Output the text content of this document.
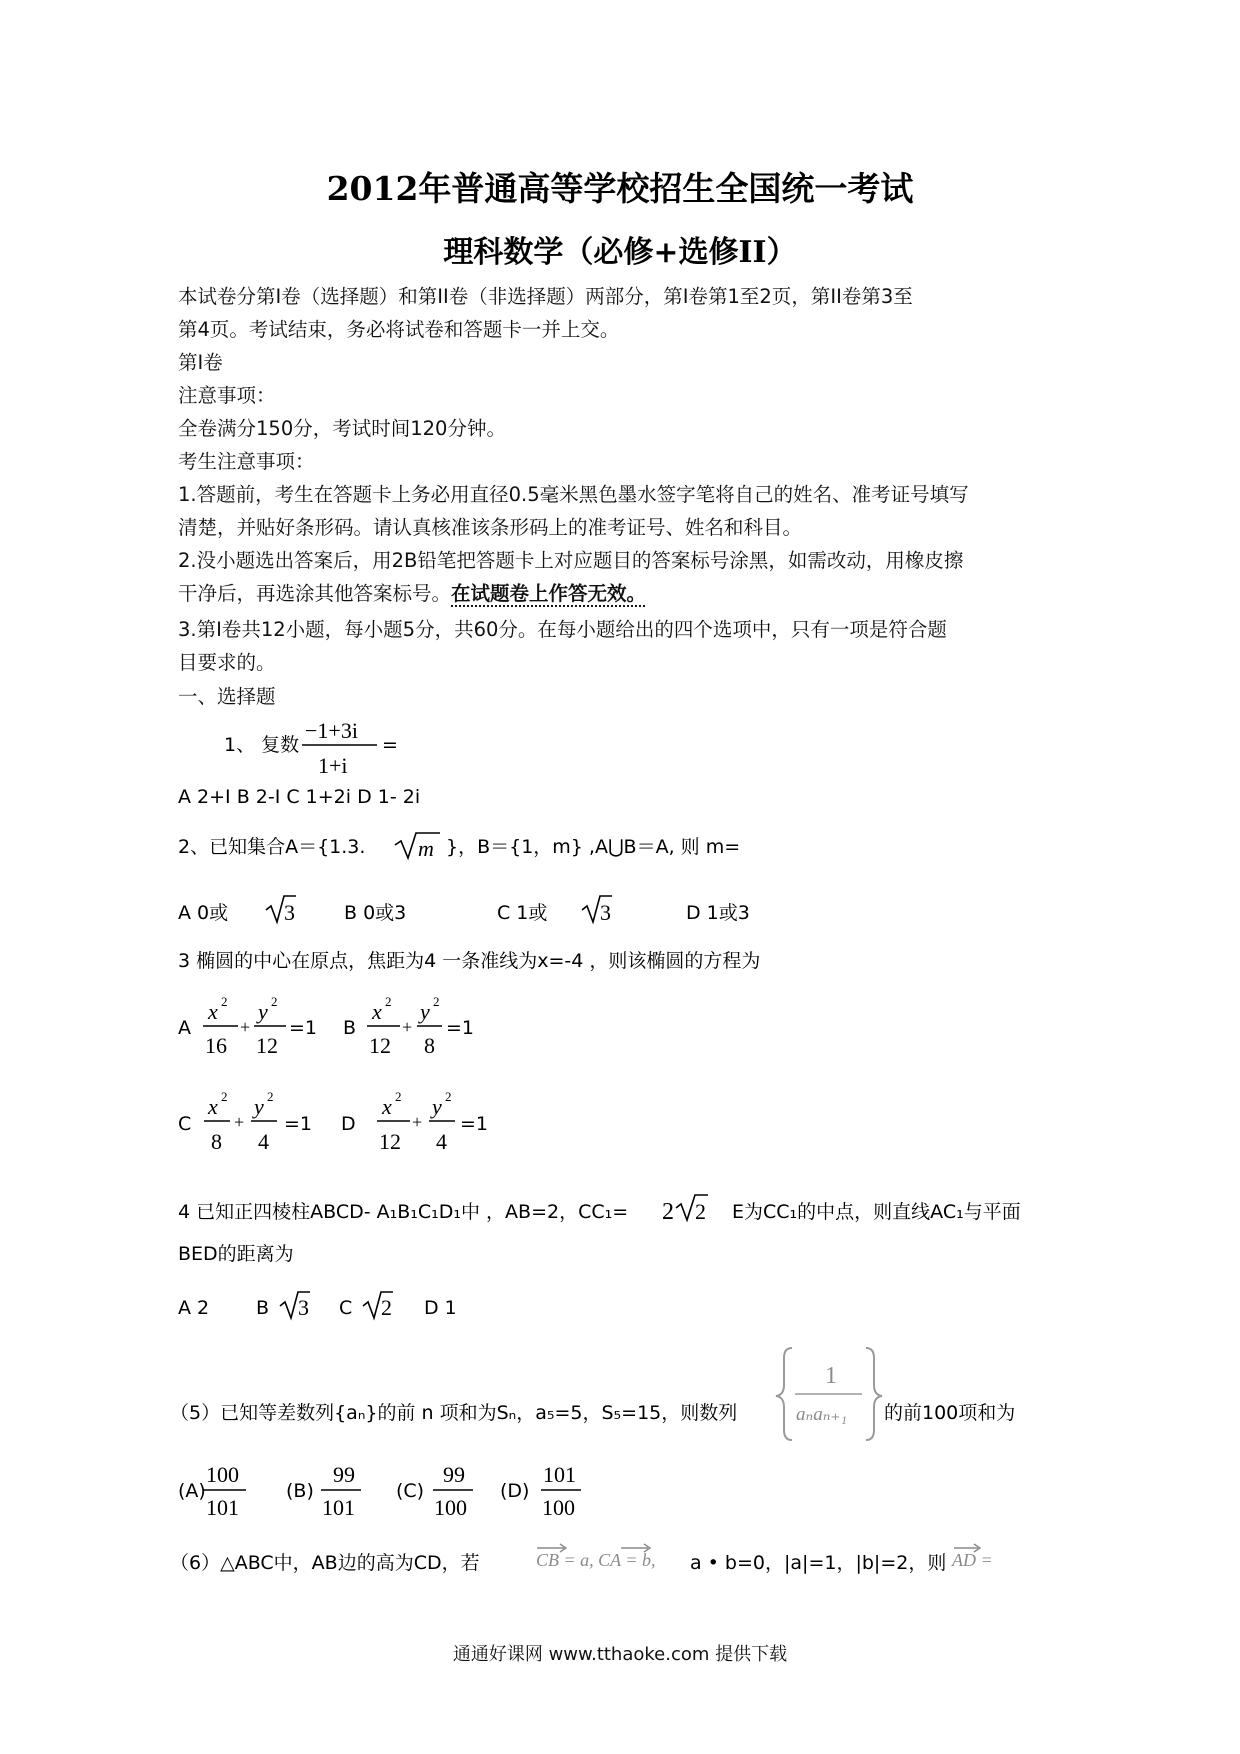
2012年普通高等学校招生全国统一考试
理科数学（必修+选修II）
本试卷分第I卷（选择题）和第II卷（非选择题）两部分，第I卷第1至2页，第II卷第3至
第4页。考试结束，务必将试卷和答题卡一并上交。
第I卷
注意事项：
全卷满分150分，考试时间120分钟。
考生注意事项：
1.答题前，考生在答题卡上务必用直径0.5毫米黑色墨水签字笔将自己的姓名、准考证号填写
清楚，并贴好条形码。请认真核准该条形码上的准考证号、姓名和科目。
2.没小题选出答案后，用2B铅笔把答题卡上对应题目的答案标号涂黑，如需改动，用橡皮擦
干净后，再选涂其他答案标号。在试题卷上作答无效。
3.第I卷共12小题，每小题5分，共60分。在每小题给出的四个选项中，只有一项是符合题
目要求的。
一、选择题
1、 复数
−1+3i
1+i
=
A 2+I B 2-I C 1+2i D 1- 2i
2、已知集合A＝{1.3. m }，B＝{1，m} ,A⋃B＝A, 则 m=
A 0或	3	B 0或3	C 1或 3	D 1或3
3 椭圆的中心在原点，焦距为4 一条准线为x=-4 ，则该椭圆的方程为
A
x 2
16
+
y 2
12
=1 B
x 2
12
+
y 2
8
=1
C
x 2
8
+
y 2
4
=1 D
x 2
12
+
y 2
4
=1
4 已知正四棱柱ABCD- A₁B₁C₁D₁中 ，AB=2，CC₁= 2 2 E为CC₁的中点，则直线AC₁与平面
BED的距离为
A 2 B 3 C 2 D 1
（5）已知等差数列{aₙ}的前 n 项和为Sₙ，a₅=5，S₅=15，则数列
1
aₙaₙ₊₁ 的前100项和为
(A)
100
101
(B)
99
101
(C)
99
100
(D)
101
100
（6）△ABC中，AB边的高为CD，若	CB = a, CA = b, a • b=0，|a|=1，|b|=2，则 AD =
通通好课网 www.tthaoke.com 提供下载
